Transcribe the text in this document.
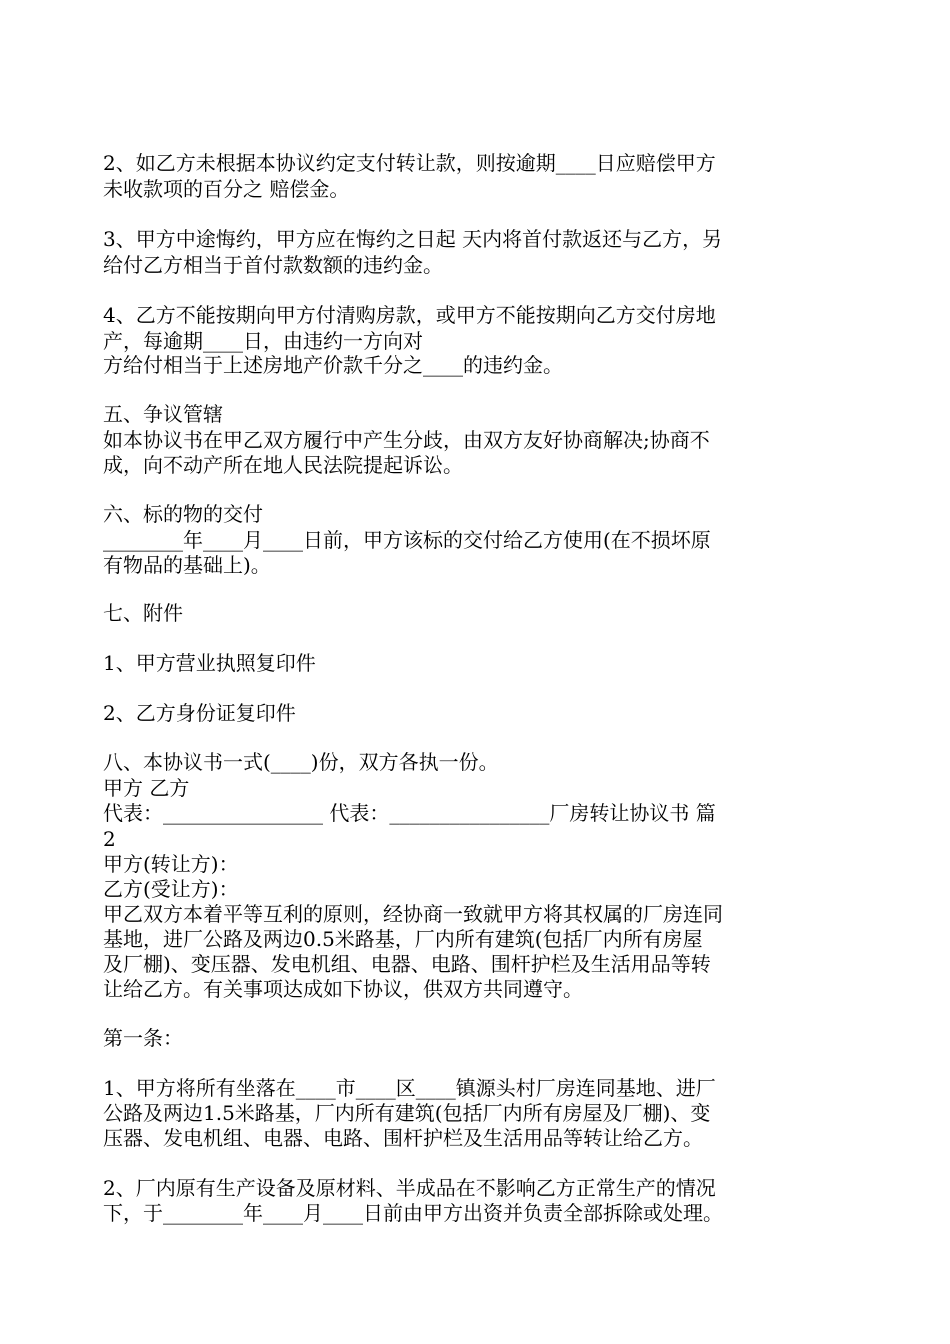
2、如乙方未根据本协议约定支付转让款，则按逾期____日应赔偿甲方
未收款项的百分之 赔偿金。
3、甲方中途悔约，甲方应在悔约之日起 天内将首付款返还与乙方，另
给付乙方相当于首付款数额的违约金。
4、乙方不能按期向甲方付清购房款，或甲方不能按期向乙方交付房地
产，每逾期____日，由违约一方向对
方给付相当于上述房地产价款千分之____的违约金。
五、争议管辖
如本协议书在甲乙双方履行中产生分歧，由双方友好协商解决;协商不
成，向不动产所在地人民法院提起诉讼。
六、标的物的交付
________年____月____日前，甲方该标的交付给乙方使用(在不损坏原
有物品的基础上)。
七、附件
1、甲方营业执照复印件
2、乙方身份证复印件
八、本协议书一式(____)份，双方各执一份。
甲方 乙方
代表：________________ 代表：________________厂房转让协议书 篇
2
甲方(转让方)：
乙方(受让方)：
甲乙双方本着平等互利的原则，经协商一致就甲方将其权属的厂房连同
基地，进厂公路及两边0.5米路基，厂内所有建筑(包括厂内所有房屋
及厂棚)、变压器、发电机组、电器、电路、围杆护栏及生活用品等转
让给乙方。有关事项达成如下协议，供双方共同遵守。
第一条：
1、甲方将所有坐落在____市____区____镇源头村厂房连同基地、进厂
公路及两边1.5米路基，厂内所有建筑(包括厂内所有房屋及厂棚)、变
压器、发电机组、电器、电路、围杆护栏及生活用品等转让给乙方。
2、厂内原有生产设备及原材料、半成品在不影响乙方正常生产的情况
下，于________年____月____日前由甲方出资并负责全部拆除或处理。
